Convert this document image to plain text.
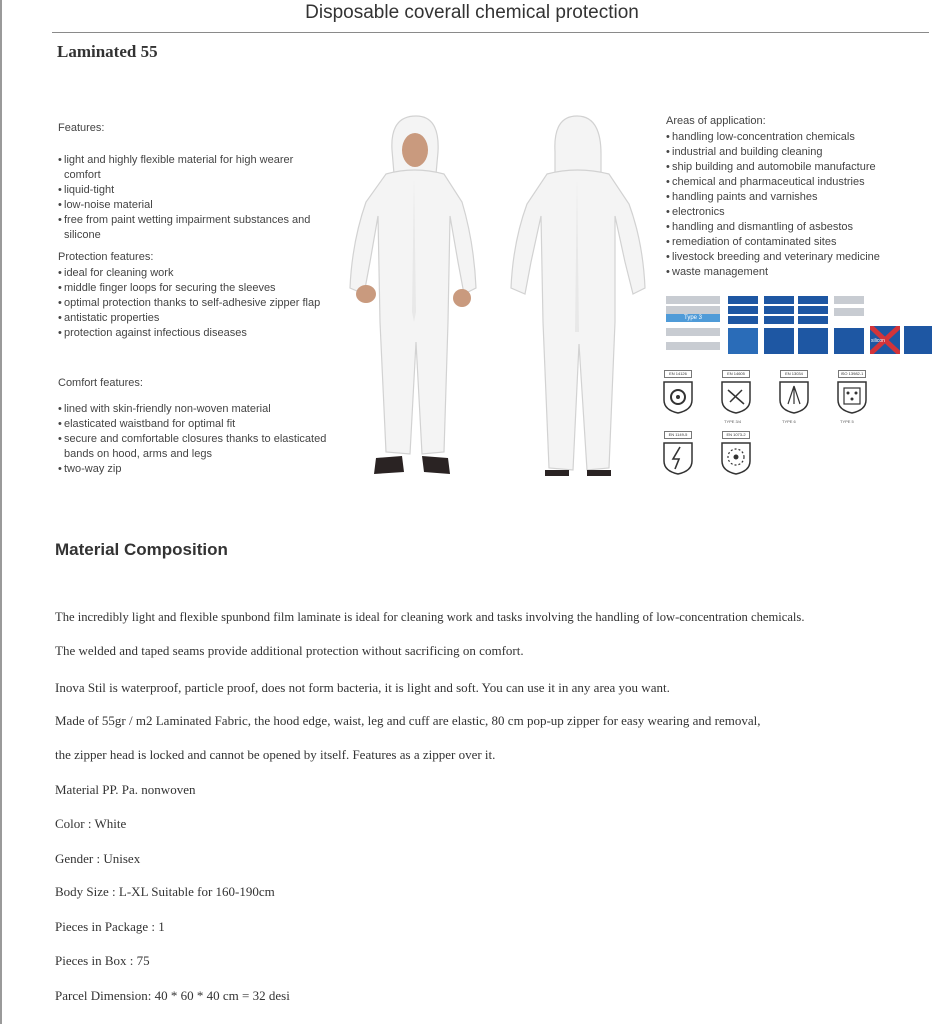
Disposable coverall chemical protection
Laminated 55
Features:
• light and highly flexible material for high wearer comfort
• liquid-tight
• low-noise material
• free from paint wetting impairment substances and silicone
Protection features:
• ideal for cleaning work
• middle finger loops for securing the sleeves
• optimal protection thanks to self-adhesive zipper flap
• antistatic properties
• protection against infectious diseases
Comfort features:
• lined with skin-friendly non-woven material
• elasticated waistband for optimal fit
• secure and comfortable closures thanks to elasticated bands on hood, arms and legs
• two-way zip
Areas of application:
• handling low-concentration chemicals
• industrial and building cleaning
• ship building and automobile manufacture
• chemical and pharmaceutical industries
• handling paints and varnishes
• electronics
• handling and dismantling of asbestos
• remediation of contaminated sites
• livestock breeding and veterinary medicine
• waste management
Type 3
silicon
EN 14126	EN 14605	EN 13034	ISO 13982-1
TYPE 3/4	TYPE 6	TYPE 5
EN 1149-5	EN 1073-2
Material Composition
The incredibly light and flexible spunbond film laminate is ideal for cleaning work and tasks involving the handling of low-concentration chemicals.
The welded and taped seams provide additional protection without sacrificing on comfort.
Inova Stil is waterproof, particle proof, does not form bacteria, it is light and soft. You can use it in any area you want.
Made of 55gr / m2 Laminated Fabric, the hood edge, waist, leg and cuff are elastic, 80 cm pop-up zipper for easy wearing and removal,
the zipper head is locked and cannot be opened by itself. Features as a zipper over it.
Material PP. Pa. nonwoven
Color : White
Gender : Unisex
Body Size : L-XL Suitable for 160-190cm
Pieces in Package : 1
Pieces in Box : 75
Parcel Dimension: 40 * 60 * 40 cm = 32 desi
